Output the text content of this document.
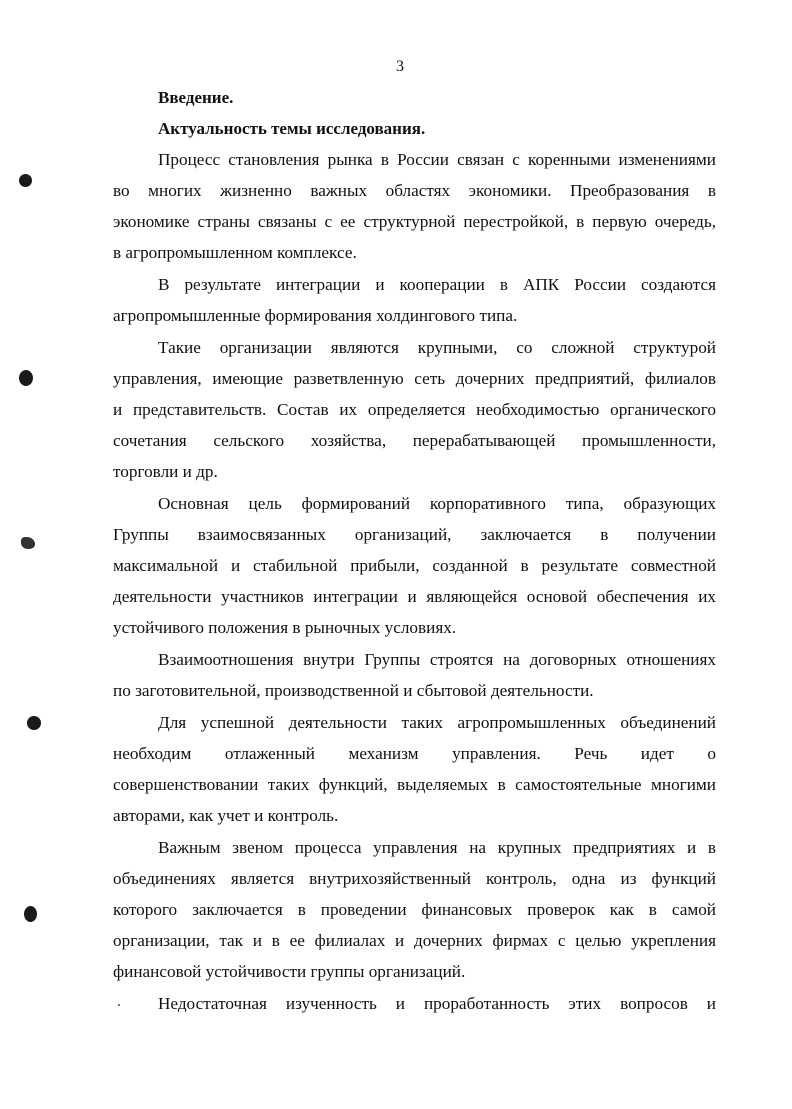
3
Введение.
Актуальность темы исследования.
Процесс становления рынка в России связан с коренными изменениями
во многих жизненно важных областях экономики. Преобразования в
экономике страны связаны с ее структурной перестройкой, в первую очередь,
в агропромышленном комплексе.
В результате интеграции и кооперации в АПК России создаются
агропромышленные формирования холдингового типа.
Такие организации являются крупными, со сложной структурой
управления, имеющие разветвленную сеть дочерних предприятий, филиалов
и представительств. Состав их определяется необходимостью органического
сочетания сельского хозяйства, перерабатывающей промышленности,
торговли и др.
Основная цель формирований корпоративного типа, образующих
Группы взаимосвязанных организаций, заключается в получении
максимальной и стабильной прибыли, созданной в результате совместной
деятельности участников интеграции и являющейся основой обеспечения их
устойчивого положения в рыночных условиях.
Взаимоотношения внутри Группы строятся на договорных отношениях
по заготовительной, производственной и сбытовой деятельности.
Для успешной деятельности таких агропромышленных объединений
необходим отлаженный механизм управления. Речь идет о
совершенствовании таких функций, выделяемых в самостоятельные многими
авторами, как учет и контроль.
Важным звеном процесса управления на крупных предприятиях и в
объединениях является внутрихозяйственный контроль, одна из функций
которого заключается в проведении финансовых проверок как в самой
организации, так и в ее филиалах и дочерних фирмах с целью укрепления
финансовой устойчивости группы организаций.
Недостаточная изученность и проработанность этих вопросов и
